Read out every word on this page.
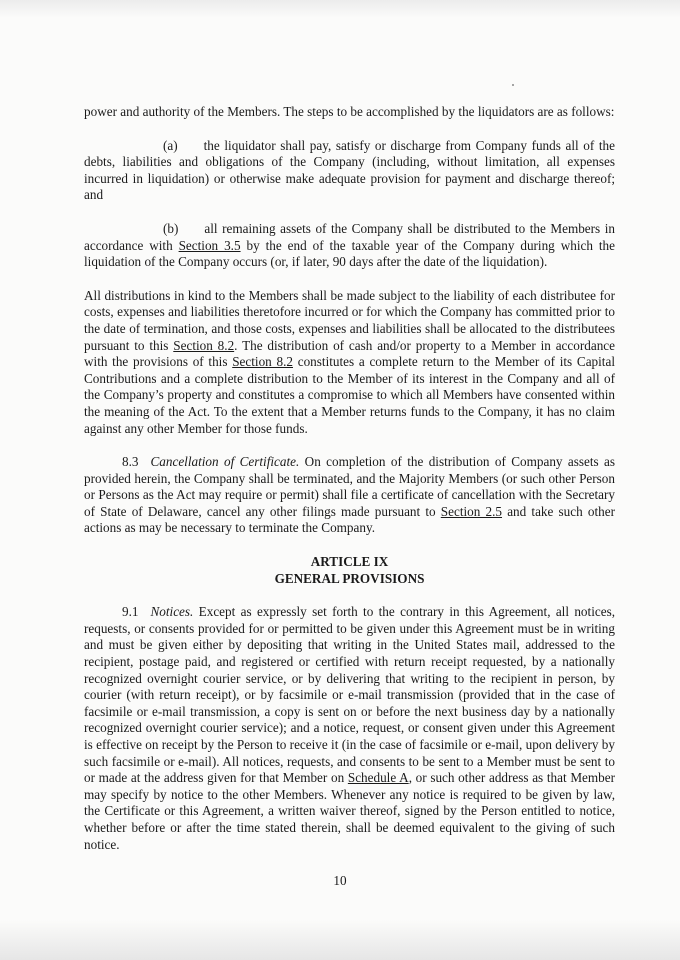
power and authority of the Members. The steps to be accomplished by the liquidators are as follows:

(a) the liquidator shall pay, satisfy or discharge from Company funds all of the debts, liabilities and obligations of the Company (including, without limitation, all expenses incurred in liquidation) or otherwise make adequate provision for payment and discharge thereof; and

(b) all remaining assets of the Company shall be distributed to the Members in accordance with Section 3.5 by the end of the taxable year of the Company during which the liquidation of the Company occurs (or, if later, 90 days after the date of the liquidation).

All distributions in kind to the Members shall be made subject to the liability of each distributee for costs, expenses and liabilities theretofore incurred or for which the Company has committed prior to the date of termination, and those costs, expenses and liabilities shall be allocated to the distributees pursuant to this Section 8.2. The distribution of cash and/or property to a Member in accordance with the provisions of this Section 8.2 constitutes a complete return to the Member of its Capital Contributions and a complete distribution to the Member of its interest in the Company and all of the Company’s property and constitutes a compromise to which all Members have consented within the meaning of the Act. To the extent that a Member returns funds to the Company, it has no claim against any other Member for those funds.

8.3 Cancellation of Certificate. On completion of the distribution of Company assets as provided herein, the Company shall be terminated, and the Majority Members (or such other Person or Persons as the Act may require or permit) shall file a certificate of cancellation with the Secretary of State of Delaware, cancel any other filings made pursuant to Section 2.5 and take such other actions as may be necessary to terminate the Company.

ARTICLE IX
GENERAL PROVISIONS

9.1 Notices. Except as expressly set forth to the contrary in this Agreement, all notices, requests, or consents provided for or permitted to be given under this Agreement must be in writing and must be given either by depositing that writing in the United States mail, addressed to the recipient, postage paid, and registered or certified with return receipt requested, by a nationally recognized overnight courier service, or by delivering that writing to the recipient in person, by courier (with return receipt), or by facsimile or e-mail transmission (provided that in the case of facsimile or e-mail transmission, a copy is sent on or before the next business day by a nationally recognized overnight courier service); and a notice, request, or consent given under this Agreement is effective on receipt by the Person to receive it (in the case of facsimile or e-mail, upon delivery by such facsimile or e-mail). All notices, requests, and consents to be sent to a Member must be sent to or made at the address given for that Member on Schedule A, or such other address as that Member may specify by notice to the other Members. Whenever any notice is required to be given by law, the Certificate or this Agreement, a written waiver thereof, signed by the Person entitled to notice, whether before or after the time stated therein, shall be deemed equivalent to the giving of such notice.

10
